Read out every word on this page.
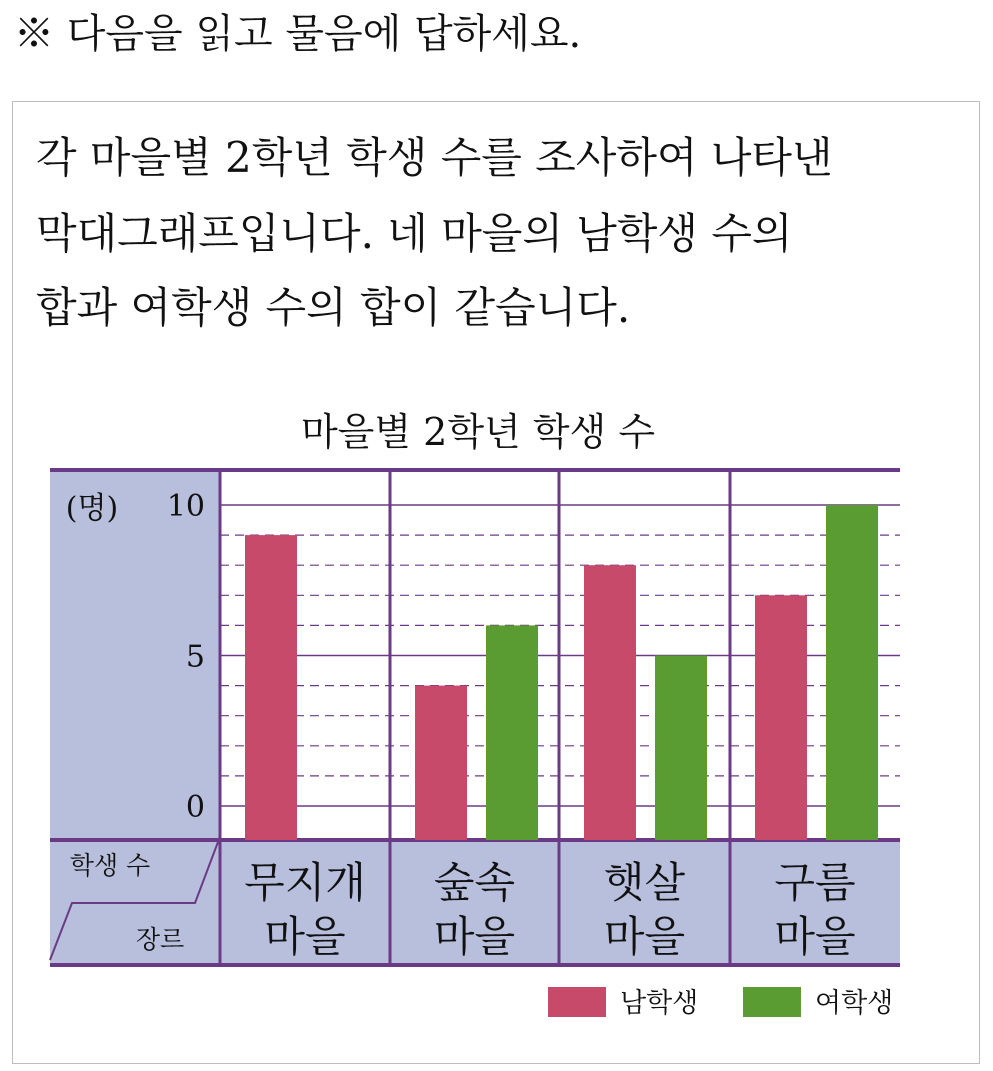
※ 다음을 읽고 물음에 답하세요.
각 마을별 2학년 학생 수를 조사하여 나타낸
막대그래프입니다. 네 마을의 남학생 수의
합과 여학생 수의 합이 같습니다.
마을별 2학년 학생 수
(명)
0
5
10
학생 수
장르
무지개
마을
숲속
마을
햇살
마을
구름
마을
남학생	여학생
